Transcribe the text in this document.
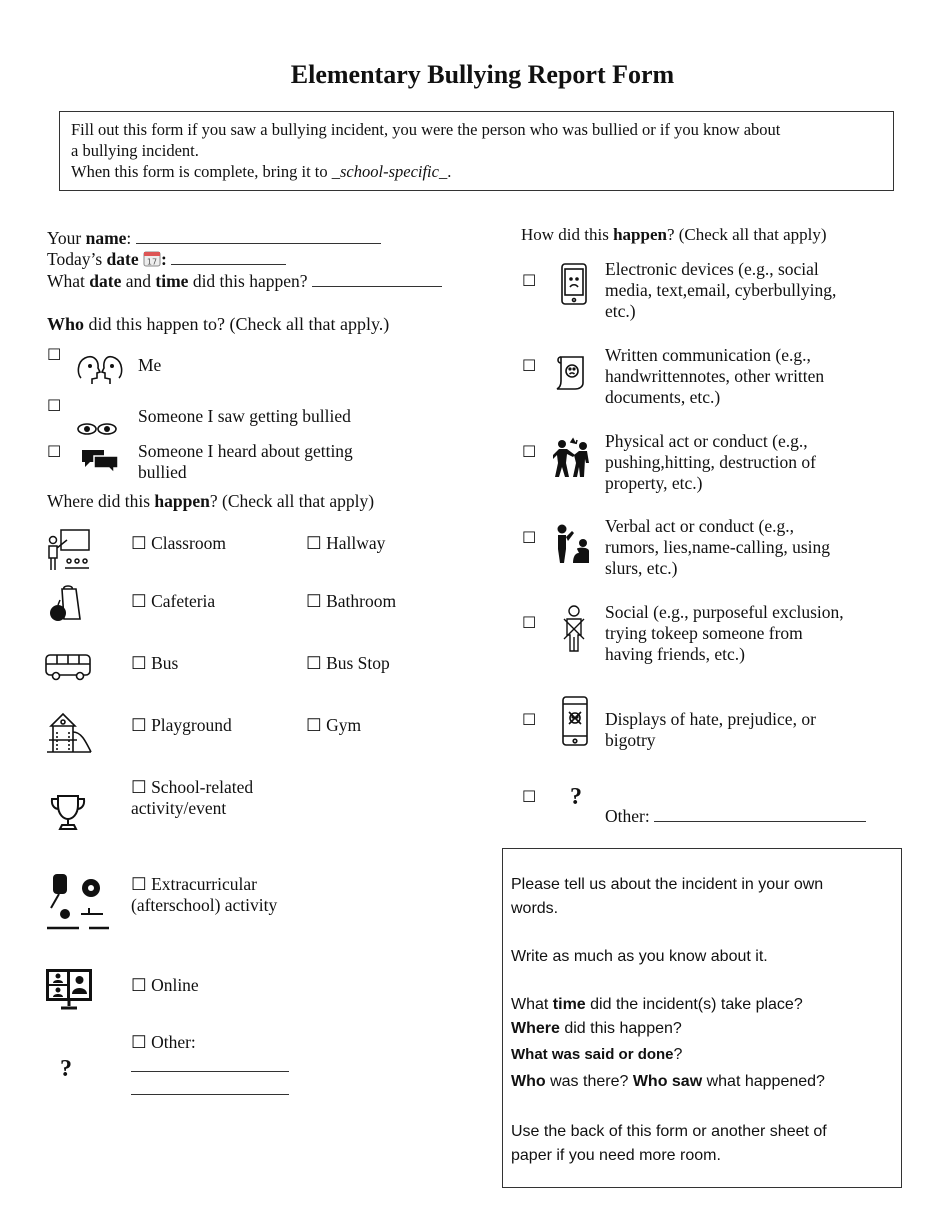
Elementary Bullying Report Form
Fill out this form if you saw a bullying incident, you were the person who was bullied or if you know about
a bullying incident.
When this form is complete, bring it to _school-specific_.
Your name:
Today’s date 17 :
What date and time did this happen?
Who did this happen to? (Check all that apply.)
☐
Me
☐
Someone I saw getting bullied
☐	Someone I heard about getting
bullied
Where did this happen? (Check all that apply)
☐ Classroom	☐ Hallway
☐ Cafeteria	☐ Bathroom
☐ Bus	☐ Bus Stop
☐ Playground	☐ Gym
☐ School-related
activity/event
☐ Extracurricular
(afterschool) activity
☐ Online
?
☐ Other:
How did this happen? (Check all that apply)
☐
Electronic devices (e.g., social
media, text,email, cyberbullying,
etc.)
☐
Written communication (e.g.,
handwrittennotes, other written
documents, etc.)
☐
Physical act or conduct (e.g.,
pushing,hitting, destruction of
property, etc.)
☐
Verbal act or conduct (e.g.,
rumors, lies,name-calling, using
slurs, etc.)
☐
Social (e.g., purposeful exclusion,
trying tokeep someone from
having friends, etc.)
☐	Displays of hate, prejudice, or
bigotry
☐ ?
Other:
Please tell us about the incident in your own
words.
Write as much as you know about it.
What time did the incident(s) take place?
Where did this happen?
What was said or done?
Who was there? Who saw what happened?
Use the back of this form or another sheet of
paper if you need more room.
